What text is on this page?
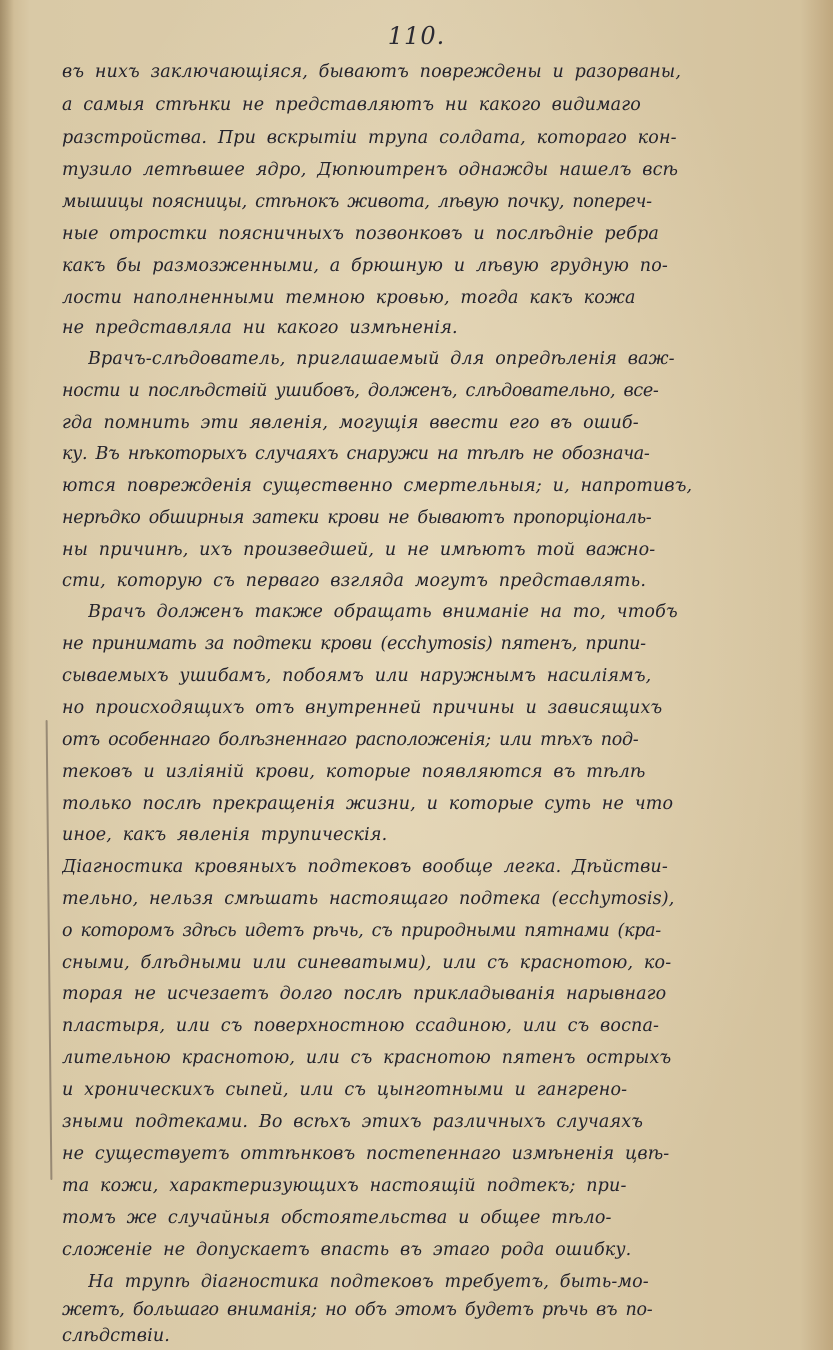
110.
въ нихъ заключающіяся, бываютъ повреждены и разорваны,
а самыя стѣнки не представляютъ ни какого видимаго
разстройства. При вскрытіи трупа солдата, котораго кон-
тузило летѣвшее ядро, Дюпюитренъ однажды нашелъ всѣ
мышицы поясницы, стѣнокъ живота, лѣвую почку, попереч-
ные отростки поясничныхъ позвонковъ и послѣдніе ребра
какъ бы размозженными, а брюшную и лѣвую грудную по-
лости наполненными темною кровью, тогда какъ кожа
не представляла ни какого измѣненія.
Врачъ-слѣдователь, приглашаемый для опредѣленія важ-
ности и послѣдствій ушибовъ, долженъ, слѣдовательно, все-
гда помнить эти явленія, могущія ввести его въ ошиб-
ку. Въ нѣкоторыхъ случаяхъ снаружи на тѣлѣ не обознача-
ются поврежденія существенно смертельныя; и, напротивъ,
нерѣдко обширныя затеки крови не бываютъ пропорціональ-
ны причинѣ, ихъ произведшей, и не имѣютъ той важно-
сти, которую съ перваго взгляда могутъ представлять.
Врачъ долженъ также обращать вниманіе на то, чтобъ
не принимать за подтеки крови (ecchymosis) пятенъ, припи-
сываемыхъ ушибамъ, побоямъ или наружнымъ насиліямъ,
но происходящихъ отъ внутренней причины и зависящихъ
отъ особеннаго болѣзненнаго расположенія; или тѣхъ под-
тековъ и изліяній крови, которые появляются въ тѣлѣ
только послѣ прекращенія жизни, и которые суть не что
иное, какъ явленія трупическія.
Діагностика кровяныхъ подтековъ вообще легка. Дѣйстви-
тельно, нельзя смѣшать настоящаго подтека (ecchymosis),
о которомъ здѣсь идетъ рѣчь, съ природными пятнами (кра-
сными, блѣдными или синеватыми), или съ краснотою, ко-
торая не исчезаетъ долго послѣ прикладыванія нарывнаго
пластыря, или съ поверхностною ссадиною, или съ воспа-
лительною краснотою, или съ краснотою пятенъ острыхъ
и хроническихъ сыпей, или съ цынготными и гангрено-
зными подтеками. Во всѣхъ этихъ различныхъ случаяхъ
не существуетъ оттѣнковъ постепеннаго измѣненія цвѣ-
та кожи, характеризующихъ настоящій подтекъ; при-
томъ же случайныя обстоятельства и общее тѣло-
сложеніе не допускаетъ впасть въ этаго рода ошибку.
На трупѣ діагностика подтековъ требуетъ, быть-мо-
жетъ, большаго вниманія; но объ этомъ будетъ рѣчь въ по-
слѣдствіи.
